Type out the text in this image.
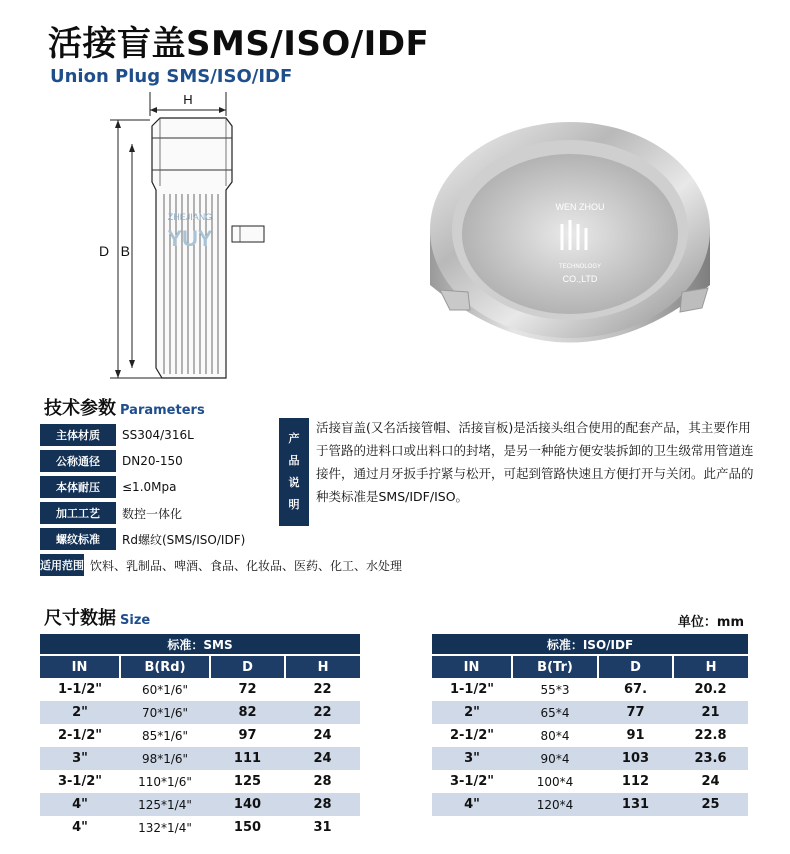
活接盲盖SMS/ISO/IDF
Union Plug SMS/ISO/IDF
H
D B
ZHEJIANG
YUY
WEN ZHOU
TECHNOLOGY
CO.,LTD
技术参数 Parameters
主体材质	SS304/316L
公称通径	DN20-150
本体耐压	≤1.0Mpa
加工工艺	数控一体化
螺纹标准	Rd螺纹(SMS/ISO/IDF)
适用范围 饮料、乳制品、啤酒、食品、化妆品、医药、化工、水处理
产
品
说
明
活接盲盖(又名活接管帽、活接盲板)是活接头组合使用的配套产品，其主要作用于管路的进料口或出料口的封堵，是另一种能方便安装拆卸的卫生级常用管道连接件，通过月牙扳手拧紧与松开，可起到管路快速且方便打开与关闭。此产品的种类标准是SMS/IDF/ISO。
尺寸数据 Size	单位：mm
标准：SMS			
IN	B(Rd)	D	H
1-1/2"	60*1/6"	72	22
2"	70*1/6"	82	22
2-1/2"	85*1/6"	97	24
3"	98*1/6"	111	24
3-1/2"	110*1/6"	125	28
4"	125*1/4"	140	28
4"	132*1/4"	150	31
标准：ISO/IDF			
IN	B(Tr)	D	H
1-1/2"	55*3	67.	20.2
2"	65*4	77	21
2-1/2"	80*4	91	22.8
3"	90*4	103	23.6
3-1/2"	100*4	112	24
4"	120*4	131	25
